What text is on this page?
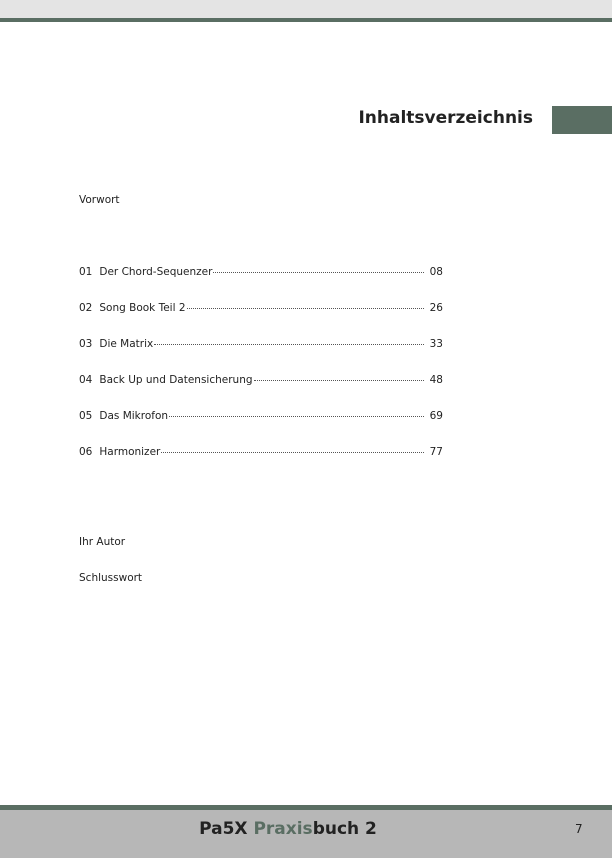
Inhaltsverzeichnis
Vorwort
01 Der Chord-Sequenzer	08
02 Song Book Teil 2	26
03 Die Matrix	33
04 Back Up und Datensicherung	48
05 Das Mikrofon	69
06 Harmonizer	77
Ihr Autor
Schlusswort
Pa5X Praxisbuch 2	7
